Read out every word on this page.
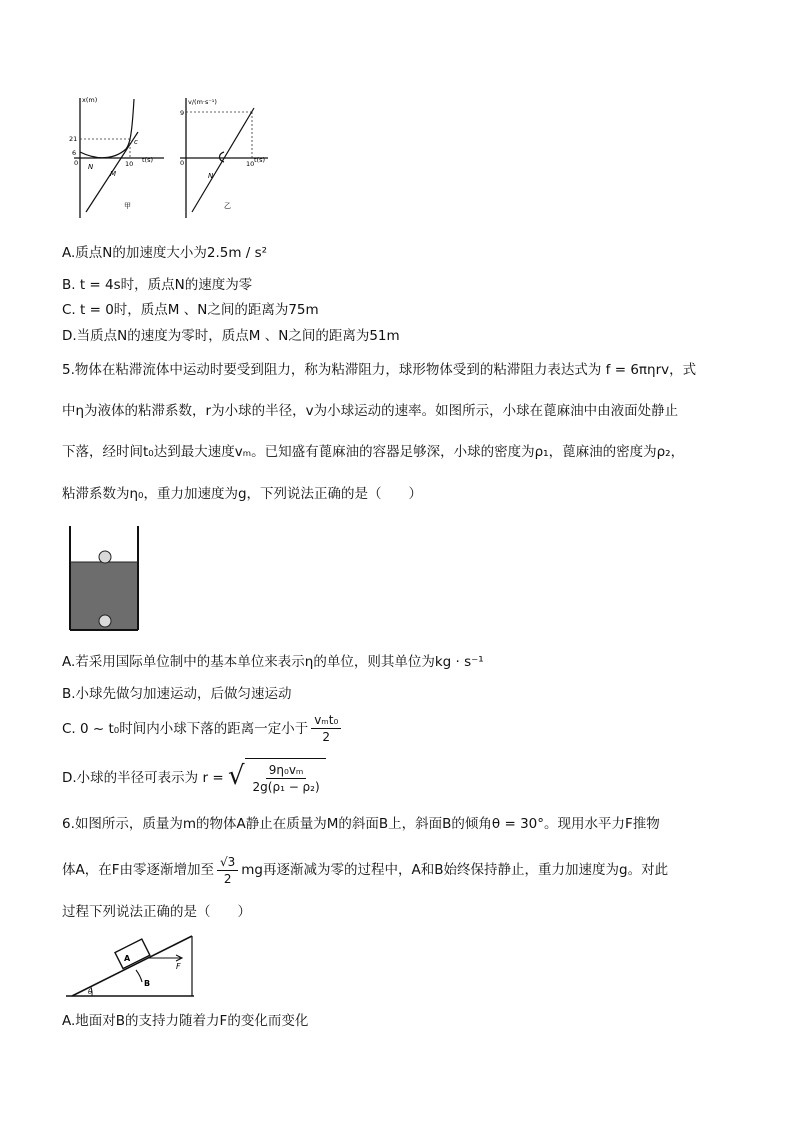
x(m)
t(s)
21
6
0	10
c
N
M
甲
v/(m·s⁻¹)
t(s)
9
0	10
N
乙
A.质点N的加速度大小为2.5m / s²
B. t = 4s时，质点N的速度为零
C. t = 0时，质点M 、N之间的距离为75m
D.当质点N的速度为零时，质点M 、N之间的距离为51m
5.物体在粘滞流体中运动时要受到阻力，称为粘滞阻力，球形物体受到的粘滞阻力表达式为 f = 6πηrv，式
中η为液体的粘滞系数，r为小球的半径，v为小球运动的速率。如图所示，小球在蓖麻油中由液面处静止
下落，经时间t₀达到最大速度vₘ。已知盛有蓖麻油的容器足够深，小球的密度为ρ₁，蓖麻油的密度为ρ₂，
粘滞系数为η₀，重力加速度为g，下列说法正确的是（　　）
A.若采用国际单位制中的基本单位来表示η的单位，则其单位为kg · s⁻¹
B.小球先做匀加速运动，后做匀速运动
C. 0 ~ t₀时间内小球下落的距离一定小于 $\frac{\text{vₘt₀}}{2}$
D.小球的半径可表示为 r = √ $\frac{\text{9η₀vₘ}}{\text{2g(ρ₁ − ρ₂)}}$
6.如图所示，质量为m的物体A静止在质量为M的斜面B上，斜面B的倾角θ = 30°。现用水平力F推物
体A，在F由零逐渐增加至 $\frac{√3}{2}$ mg再逐渐减为零的过程中，A和B始终保持静止，重力加速度为g。对此
过程下列说法正确的是（　　）
A
B
F
θ
A.地面对B的支持力随着力F的变化而变化
